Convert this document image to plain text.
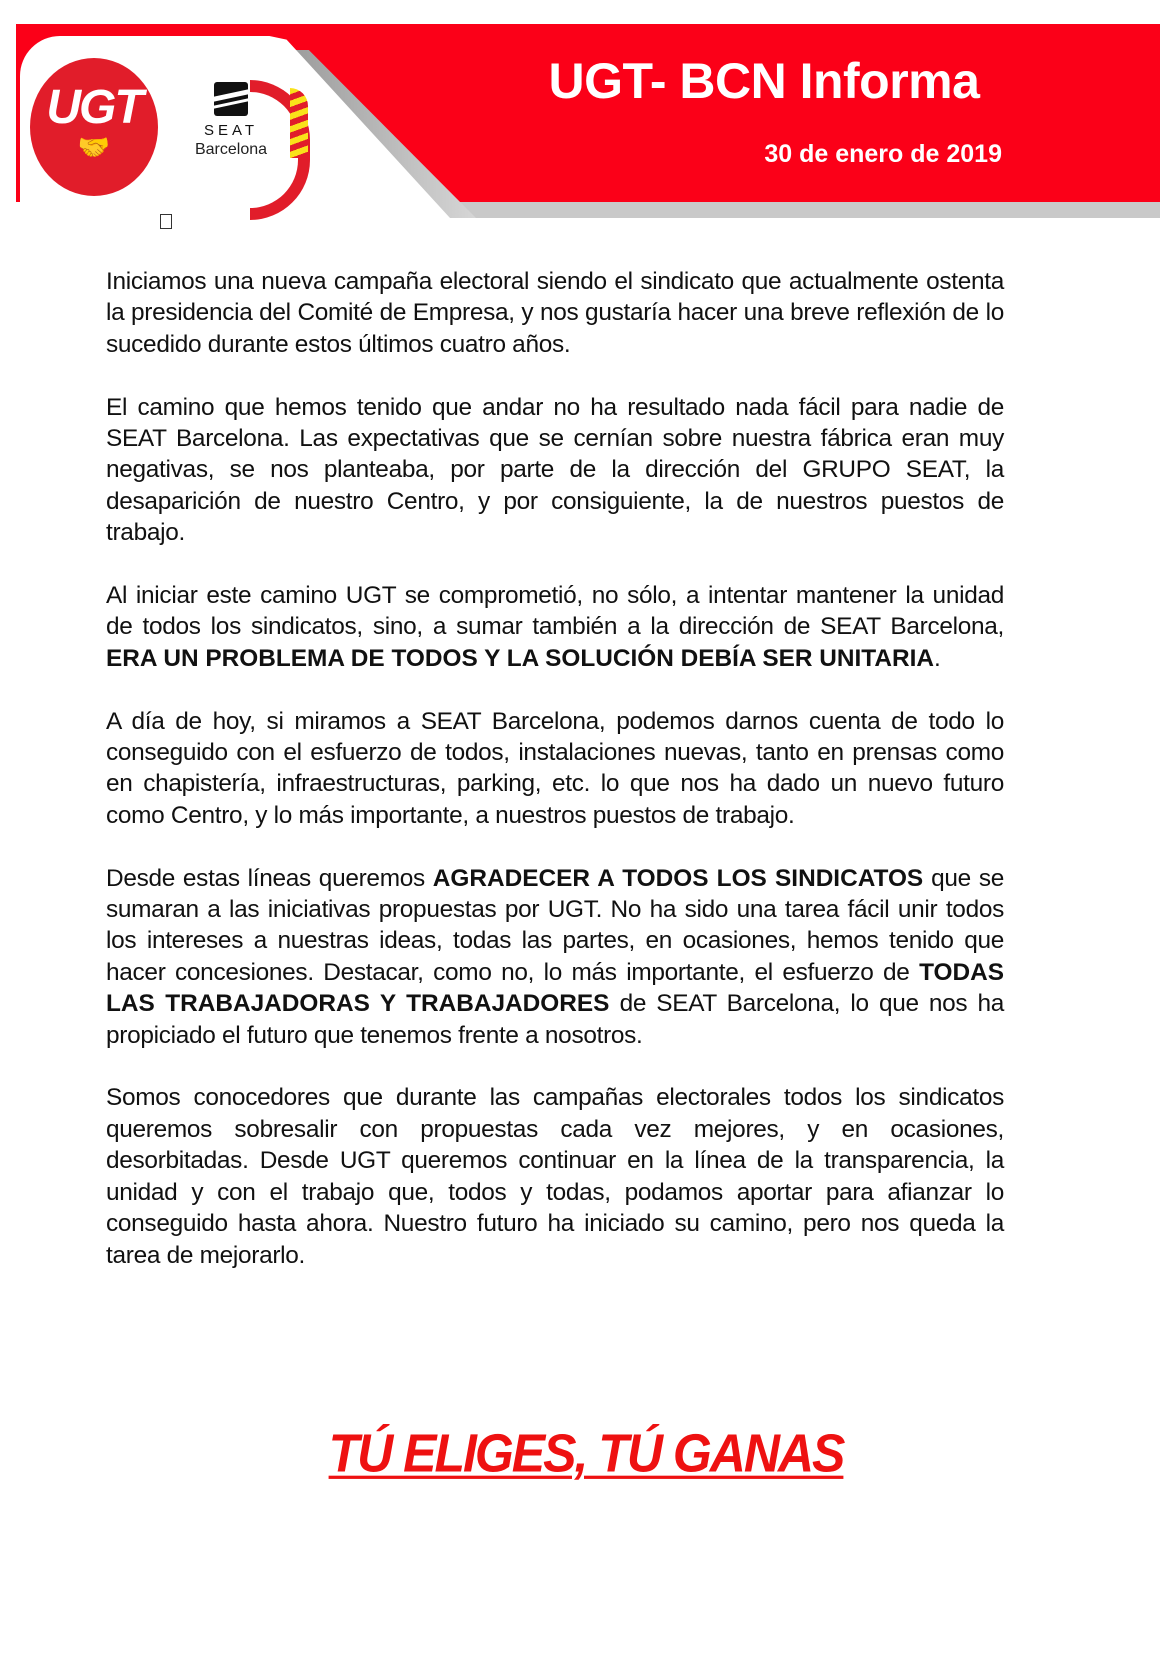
UGT
🤝
SEAT
Barcelona
UGT- BCN Informa
30 de enero de 2019

Iniciamos una nueva campaña electoral siendo el sindicato que actualmente ostenta la presidencia del Comité de Empresa, y nos gustaría hacer una breve reflexión de lo sucedido durante estos últimos cuatro años.

El camino que hemos tenido que andar no ha resultado nada fácil para nadie de SEAT Barcelona. Las expectativas que se cernían sobre nuestra fábrica eran muy negativas, se nos planteaba, por parte de la dirección del GRUPO SEAT, la desaparición de nuestro Centro, y por consiguiente, la de nuestros puestos de trabajo.

Al iniciar este camino UGT se comprometió, no sólo, a intentar mantener la unidad de todos los sindicatos, sino, a sumar también a la dirección de SEAT Barcelona, ERA UN PROBLEMA DE TODOS Y LA SOLUCIÓN DEBÍA SER UNITARIA.

A día de hoy, si miramos a SEAT Barcelona, podemos darnos cuenta de todo lo conseguido con el esfuerzo de todos, instalaciones nuevas, tanto en prensas como en chapistería, infraestructuras, parking, etc. lo que nos ha dado un nuevo futuro como Centro, y lo más importante, a nuestros puestos de trabajo.

Desde estas líneas queremos AGRADECER A TODOS LOS SINDICATOS que se sumaran a las iniciativas propuestas por UGT. No ha sido una tarea fácil unir todos los intereses a nuestras ideas, todas las partes, en ocasiones, hemos tenido que hacer concesiones. Destacar, como no, lo más importante, el esfuerzo de TODAS LAS TRABAJADORAS Y TRABAJADORES de SEAT Barcelona, lo que nos ha propiciado el futuro que tenemos frente a nosotros.

Somos conocedores que durante las campañas electorales todos los sindicatos queremos sobresalir con propuestas cada vez mejores, y en ocasiones, desorbitadas. Desde UGT queremos continuar en la línea de la transparencia, la unidad y con el trabajo que, todos y todas, podamos aportar para afianzar lo conseguido hasta ahora. Nuestro futuro ha iniciado su camino, pero nos queda la tarea de mejorarlo.

TÚ ELIGES, TÚ GANAS
